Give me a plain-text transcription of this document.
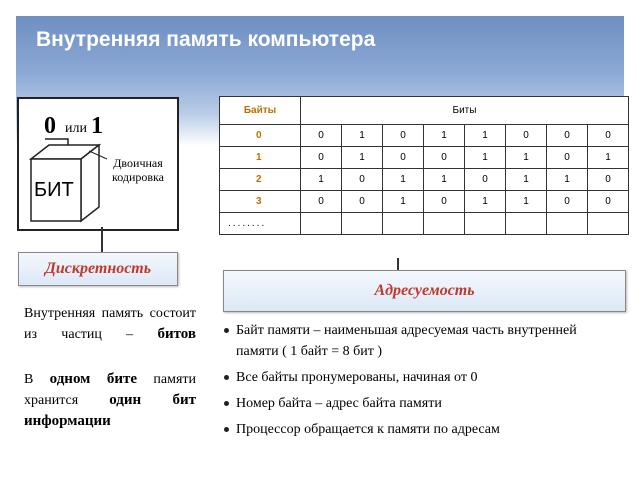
Внутренняя память компьютера
0 или 1
Двоичная
кодировка
БИТ
Байты	Биты							
0	0	1	0	1	1	0	0	0
1	0	1	0	0	1	1	0	1
2	1	0	1	1	0	1	1	0
3	0	0	1	0	1	1	0	0
........								
Дискретность
Адресуемость

Внутренняя память состоит из частиц – битов

В одном бите памяти хранится один бит информации

Байт памяти – наименьшая адресуемая часть внутренней памяти ( 1 байт = 8 бит )
Все байты пронумерованы, начиная от 0
Номер байта – адрес байта памяти
Процессор обращается к памяти по адресам
